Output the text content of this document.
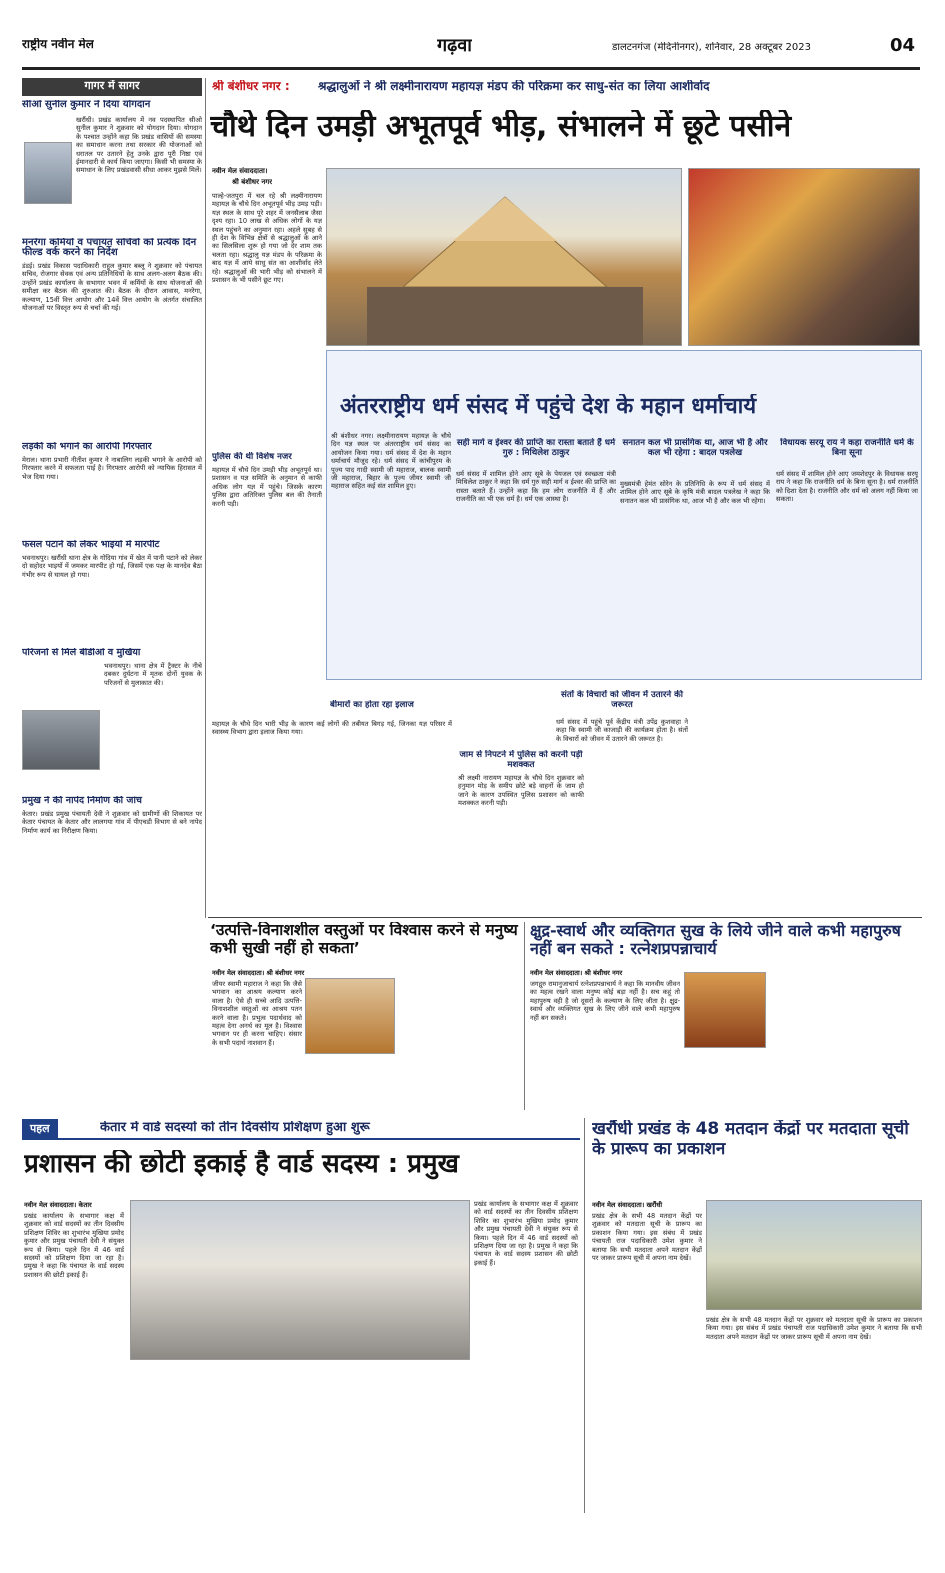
राष्ट्रीय नवीन मेल	गढ़वा	डालटनगंज (मेदिनीनगर), शनिवार, 28 अक्टूबर 2023	04
गागर में सागर
सीओ सुनील कुमार ने दिया योगदान
खरौंधी। प्रखंड कार्यालय में नव पदस्थापित सीओ सुनील कुमार ने शुक्रवार को योगदान दिया। योगदान के पश्चात उन्होंने कहा कि प्रखंड वासियों की समस्या का समाधान करना तथा सरकार की योजनाओं को धरातल पर उतारने हेतु उनके द्वारा पूरी निष्ठा एवं ईमानदारी से कार्य किया जाएगा। किसी भी समस्या के समाधान के लिए प्रखंडवासी सीधा आकर मुझसे मिलें।
मनरेगा कर्मियों व पंचायत सचिवों को प्रत्येक दिन फील्ड वर्क करने का निर्देश
डंडई। प्रखंड विकास पदाधिकारी राहुल कुमार बब्लू ने शुक्रवार को पंचायत सचिव, रोजगार सेवक एवं अन्य प्रतिनिधियों के साथ अलग-अलग बैठक की। उन्होंने प्रखंड कार्यालय के सभागार भवन में कर्मियों के साथ योजनाओं की समीक्षा कर बैठक की शुरुआत की। बैठक के दौरान आवास, मनरेगा, कल्याण, 15वीं वित्त आयोग और 14वें वित्त आयोग के अंतर्गत संचालित योजनाओं पर विस्तृत रूप से चर्चा की गई।
लड़की को भगाने का आरोपी गिरफ्तार
मेराल। थाना प्रभारी नीतीश कुमार ने नाबालिग लड़की भगाने के आरोपी को गिरफ्तार करने में सफलता पाई है। गिरफ्तार आरोपी को न्यायिक हिरासत में भेज दिया गया।
फसल पटाने को लेकर भाइयों में मारपीट
भवनाथपुर। खरौंधी थाना क्षेत्र के गोदिया गांव में खेत में पानी पटाने को लेकर दो सहोदर भाइयों में जमकर मारपीट हो गई, जिसमें एक पक्ष के मानदेव बैठा गंभीर रूप से घायल हो गया।
परिजनों से मिले बीडीओ व मुखिया
भवनाथपुर। थाना क्षेत्र में ट्रैक्टर के नीचे दबकर दुर्घटना में मृतक दोनों युवक के परिजनों से मुलाकात की।
प्रमुख ने की नापेद निर्माण की जांच
केतार। प्रखंड प्रमुख पंचायती देवी ने शुक्रवार को ग्रामीणों की शिकायत पर केतार पंचायत के केतार और लालगया गांव में पीएचडी विभाग से बने नापेद निर्माण कार्य का निरीक्षण किया।
श्री बंशीधर नगर : श्रद्धालुओं ने श्री लक्ष्मीनारायण महायज्ञ मंडप की परिक्रमा कर साधु-संत का लिया आशीर्वाद
चौथे दिन उमड़ी अभूतपूर्व भीड़, संभालने में छूटे पसीने
नवीन मेल संवाददाता।
श्री बंशीधर नगर
पाल्हे-जतपुरा में चल रहे श्री लक्ष्मीनारायण महायज्ञ के चौथे दिन अभूतपूर्व भीड़ उमड़ पड़ी। यज्ञ स्थल के साथ पूरे शहर में जनसैलाब जैसा दृश्य रहा। 10 लाख से अधिक लोगों के यज्ञ स्थल पहुंचने का अनुमान रहा। अहले सुबह से ही देश के विभिन्न क्षेत्रों से श्रद्धालुओं के आने का सिलसिला शुरू हो गया जो देर शाम तक चलता रहा। श्रद्धालु यज्ञ मंडप के परिक्रमा के बाद यज्ञ में आये साधु संत का आशीर्वाद लेते रहे। श्रद्धालुओं की भारी भीड़ को संभालने में प्रशासन के भी पसीने छूट गए।
अंतरराष्ट्रीय धर्म संसद में पहुंचे देश के महान धर्माचार्य
श्री बंशीधर नगर। लक्ष्मीनारायण महायज्ञ के चौथे दिन यज्ञ स्थल पर अंतरराष्ट्रीय धर्म संसद का आयोजन किया गया। धर्म संसद में देश के महान धर्माचार्य मौजूद रहे। धर्म संसद में कांचीपुरम के पूज्य पाद गादी स्वामी जी महाराज, बालक स्वामी जी महाराज, बिहार के पूज्य जीयर स्वामी जी महाराज सहित कई संत शामिल हुए।
सही मार्ग व ईश्वर की प्राप्ति का रास्ता बताते हैं धर्म गुरु : मिथिलेश ठाकुर
धर्म संसद में शामिल होने आए सूबे के पेयजल एवं स्वच्छता मंत्री मिथिलेश ठाकुर ने कहा कि धर्म गुरु सही मार्ग व ईश्वर की प्राप्ति का रास्ता बताते हैं। उन्होंने कहा कि हम लोग राजनीति में हैं और राजनीति का भी एक धर्म है। धर्म एक आस्था है।
सनातन कल भी प्रासंगिक था, आज भी है और कल भी रहेगा : बादल पत्रलेख
मुख्यमंत्री हेमंत सोरेन के प्रतिनिधि के रूप में धर्म संसद में शामिल होने आए सूबे के कृषि मंत्री बादल पत्रलेख ने कहा कि सनातन कल भी प्रासंगिक था, आज भी है और कल भी रहेगा।
विधायक सरयू राय ने कहा राजनीति धर्म के बिना सूना
धर्म संसद में शामिल होने आए जमशेदपुर के विधायक सरयू राय ने कहा कि राजनीति धर्म के बिना सूना है। धर्म राजनीति को दिशा देता है। राजनीति और धर्म को अलग नहीं किया जा सकता।
पुलिस की थी विशेष नजर
महायज्ञ में चौथे दिन उमड़ी भीड़ अभूतपूर्व था। प्रशासन व यज्ञ समिति के अनुमान से काफी अधिक लोग यज्ञ में पहुंचे। जिसके कारण पुलिस द्वारा अतिरिक्त पुलिस बल की तैनाती करनी पड़ी।
बीमारों का होता रहा इलाज
महायज्ञ के चौथे दिन भारी भीड़ के कारण कई लोगों की तबीयत बिगड़ गई, जिनका यज्ञ परिसर में स्वास्थ्य विभाग द्वारा इलाज किया गया।
संतों के विचारों को जीवन में उतारने की जरूरत
धर्म संसद में पहुंचे पूर्व केंद्रीय मंत्री उपेंद्र कुशवाहा ने कहा कि स्वामी जी काजाड़ी की कार्यक्रम होता है। संतों के विचारों को जीवन में उतारने की जरूरत है।
जाम से निपटने में पुलिस को करनी पड़ी मशक्कत
श्री लक्ष्मी नारायण महायज्ञ के चौथे दिन शुक्रवार को हनुमान मोड़ के समीप छोटे बड़े वाहनों के जाम हो जाने के कारण उपस्थित पुलिस प्रशासन को काफी मशक्कत करनी पड़ी।
‘उत्पत्ति-विनाशशील वस्तुओं पर विश्वास करने से मनुष्य कभी सुखी नहीं हो सकता’
नवीन मेल संवाददाता। श्री बंशीधर नगर
जीयर स्वामी महाराज ने कहा कि जैसे भगवान का आश्रय कल्याण करने वाला है। ऐसे ही सच्चे आदि उत्पत्ति-विनाशशील वस्तुओं का आश्रय पतन करने वाला है। प्रभुत्व पदार्थवाद को महत्व देना अनर्थ का मूल है। विश्वास भगवान पर ही करना चाहिए। संसार के सभी पदार्थ नाशवान हैं।
क्षुद्र-स्वार्थ और व्यक्तिगत सुख के लिये जीने वाले कभी महापुरुष नहीं बन सकते : रत्नेशप्रपन्नाचार्य
नवीन मेल संवाददाता। श्री बंशीधर नगर
जगद्गुरु रामानुजाचार्य रत्नेशप्रपन्नाचार्य ने कहा कि मानवीय जीवन का महत्व रखने वाला मनुष्य कोई बड़ा नहीं है। सच कहूं तो महापुरुष वही है जो दूसरों के कल्याण के लिए जीता है। क्षुद्र-स्वार्थ और व्यक्तिगत सुख के लिए जीने वाले कभी महापुरुष नहीं बन सकते।
पहल	केतार में वार्ड सदस्यों को तीन दिवसीय प्रशिक्षण हुआ शुरू
प्रशासन की छोटी इकाई है वार्ड सदस्य : प्रमुख
नवीन मेल संवाददाता। केतार
प्रखंड कार्यालय के सभागार कक्ष में शुक्रवार को वार्ड सदस्यों का तीन दिवसीय प्रशिक्षण शिविर का शुभारंभ मुखिया प्रमोद कुमार और प्रमुख पंचायती देवी ने संयुक्त रूप से किया। पहले दिन में 46 वार्ड सदस्यों को प्रशिक्षण दिया जा रहा है। प्रमुख ने कहा कि पंचायत के वार्ड सदस्य प्रशासन की छोटी इकाई हैं।
प्रखंड कार्यालय के सभागार कक्ष में शुक्रवार को वार्ड सदस्यों का तीन दिवसीय प्रशिक्षण शिविर का शुभारंभ मुखिया प्रमोद कुमार और प्रमुख पंचायती देवी ने संयुक्त रूप से किया। पहले दिन में 46 वार्ड सदस्यों को प्रशिक्षण दिया जा रहा है। प्रमुख ने कहा कि पंचायत के वार्ड सदस्य प्रशासन की छोटी इकाई हैं।
खरौंधी प्रखंड के 48 मतदान केंद्रों पर मतदाता सूची के प्रारूप का प्रकाशन
नवीन मेल संवाददाता। खरौंधी
प्रखंड क्षेत्र के सभी 48 मतदान केंद्रों पर शुक्रवार को मतदाता सूची के प्रारूप का प्रकाशन किया गया। इस संबंध में प्रखंड पंचायती राज पदाधिकारी उमेश कुमार ने बताया कि सभी मतदाता अपने मतदान केंद्रों पर जाकर प्रारूप सूची में अपना नाम देखें।
प्रखंड क्षेत्र के सभी 48 मतदान केंद्रों पर शुक्रवार को मतदाता सूची के प्रारूप का प्रकाशन किया गया। इस संबंध में प्रखंड पंचायती राज पदाधिकारी उमेश कुमार ने बताया कि सभी मतदाता अपने मतदान केंद्रों पर जाकर प्रारूप सूची में अपना नाम देखें।
